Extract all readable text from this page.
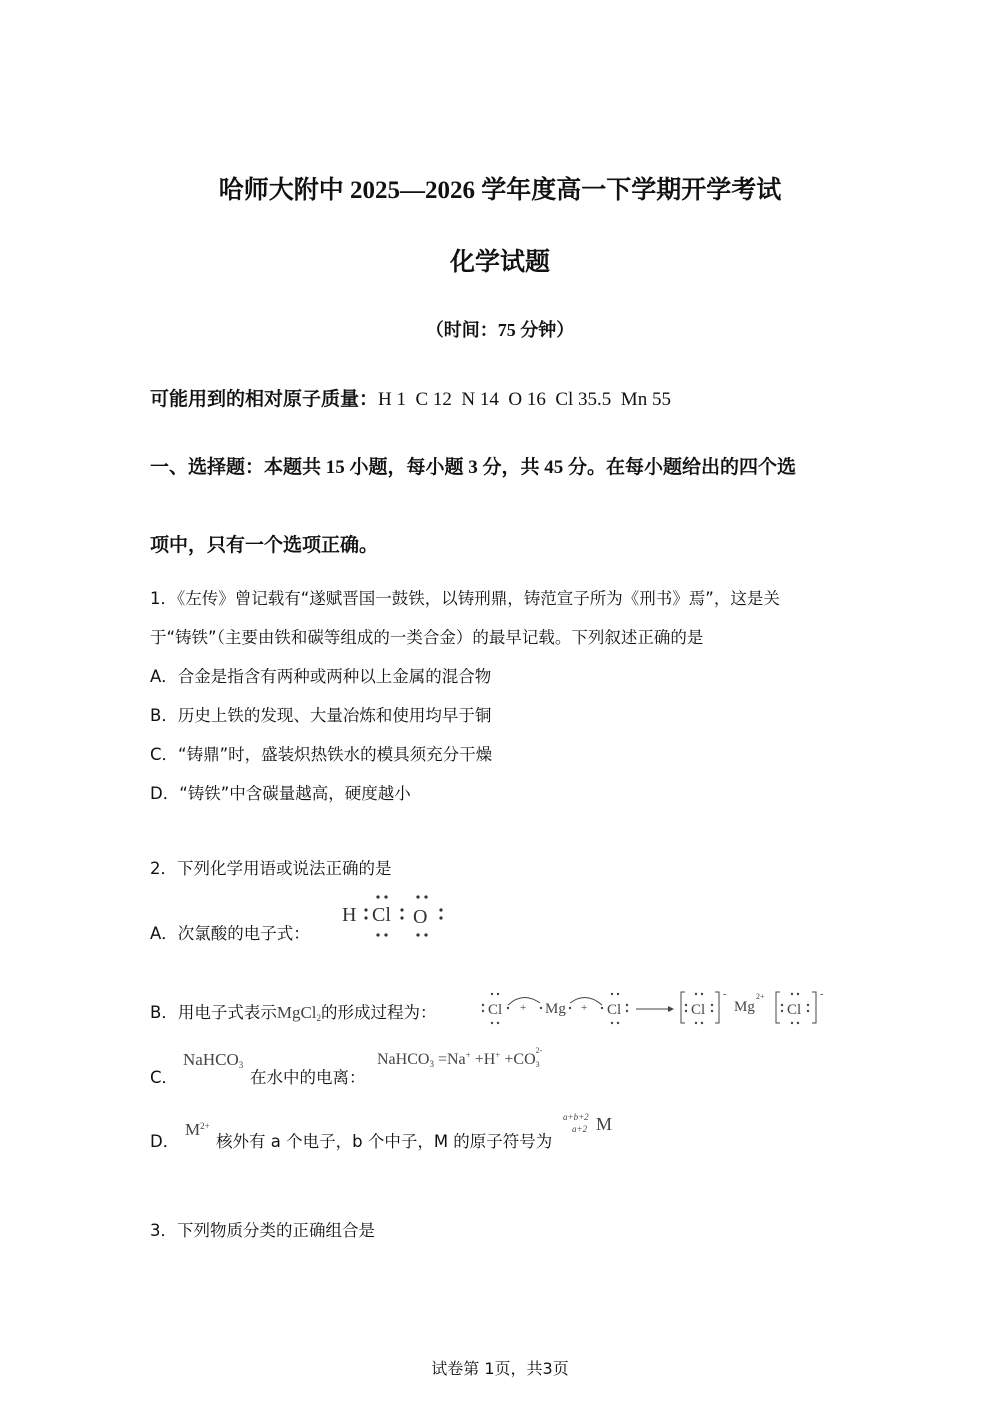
哈师大附中 2025—2026 学年度高一下学期开学考试
化学试题
（时间：75 分钟）
可能用到的相对原子质量：H 1  C 12  N 14  O 16  Cl 35.5  Mn 55
一、选择题：本题共 15 小题，每小题 3 分，共 45 分。在每小题给出的四个选
项中，只有一个选项正确。
1．《左传》曾记载有“遂赋晋国一鼓铁，以铸刑鼎，铸范宣子所为《刑书》焉”，这是关
于“铸铁”（主要由铁和碳等组成的一类合金）的最早记载。下列叙述正确的是
A．合金是指含有两种或两种以上金属的混合物
B．历史上铁的发现、大量冶炼和使用均早于铜
C．“铸鼎”时，盛装炽热铁水的模具须充分干燥
D．“铸铁”中含碳量越高，硬度越小
2．下列化学用语或说法正确的是
A．次氯酸的电子式：
H Cl O
B．用电子式表示MgCl$_2$的形成过程为：	Cl + Mg + Cl	Cl
-
Mg
2+
Cl
-
C．
NaHCO$_3$
在水中的电离：
NaHCO$_3$ =Na+ +H+ +CO
2-
3
D．
$M^{2+}$
核外有 a 个电子，b 个中子，M 的原子符号为
a+b+2
a+2 M
3．下列物质分类的正确组合是
试卷第 1页，共3页
